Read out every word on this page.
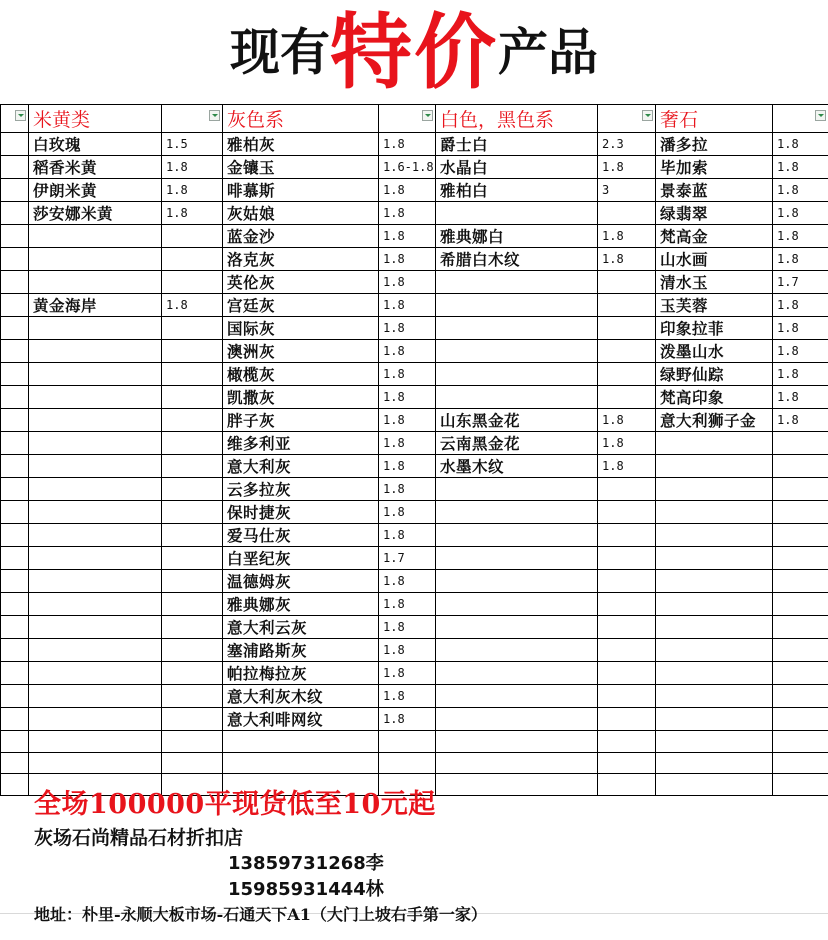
现有特价产品
	米黄类		灰色系		白色，黑色系		奢石	

	白玫瑰	1.5	雅柏灰	1.8	爵士白	2.3	潘多拉	1.8
	稻香米黄	1.8	金镶玉	1.6-1.8	水晶白	1.8	毕加索	1.8
	伊朗米黄	1.8	啡慕斯	1.8	雅柏白	3	景泰蓝	1.8
	莎安娜米黄	1.8	灰姑娘	1.8			绿翡翠	1.8
			蓝金沙	1.8	雅典娜白	1.8	梵高金	1.8
			洛克灰	1.8	希腊白木纹	1.8	山水画	1.8
			英伦灰	1.8			清水玉	1.7
	黄金海岸	1.8	宫廷灰	1.8			玉芙蓉	1.8
			国际灰	1.8			印象拉菲	1.8
			澳洲灰	1.8			泼墨山水	1.8
			橄榄灰	1.8			绿野仙踪	1.8
			凯撒灰	1.8			梵高印象	1.8
			胖子灰	1.8	山东黑金花	1.8	意大利狮子金	1.8
			维多利亚	1.8	云南黑金花	1.8		
			意大利灰	1.8	水墨木纹	1.8		
			云多拉灰	1.8				
			保时捷灰	1.8				
			爱马仕灰	1.8				
			白垩纪灰	1.7				
			温德姆灰	1.8				
			雅典娜灰	1.8				
			意大利云灰	1.8				
			塞浦路斯灰	1.8				
			帕拉梅拉灰	1.8				
			意大利灰木纹	1.8				
			意大利啡网纹	1.8				

全场100000平现货低至10元起
灰场石尚精品石材折扣店
13859731268李
15985931444林
地址：朴里-永顺大板市场-石通天下A1（大门上坡右手第一家）
